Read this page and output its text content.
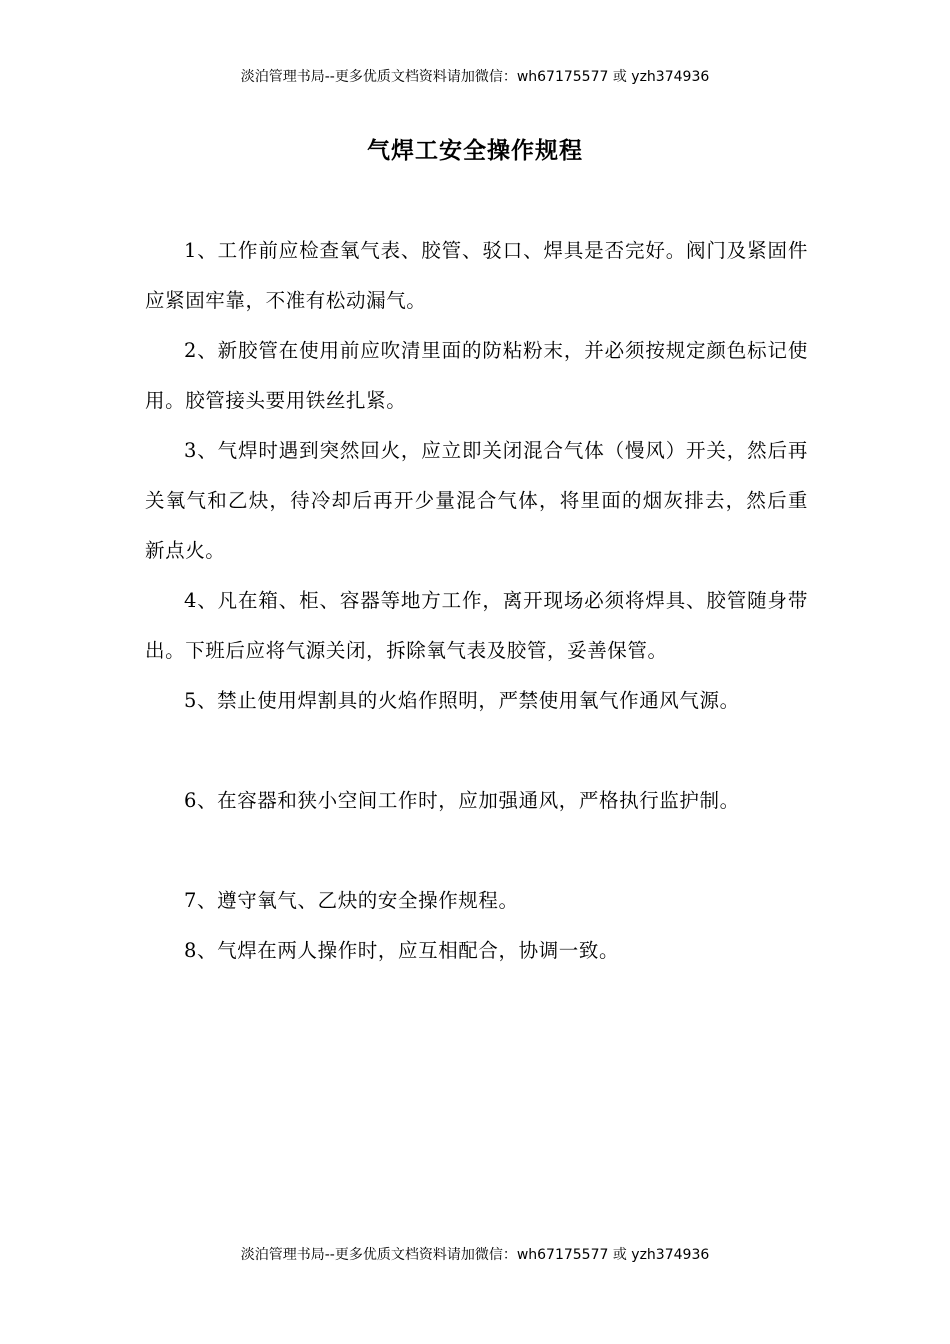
淡泊管理书局--更多优质文档资料请加微信：wh67175577 或 yzh374936
气焊工安全操作规程

1、工作前应检查氧气表、胶管、驳口、焊具是否完好。阀门及紧固件应紧固牢靠，不准有松动漏气。

2、新胶管在使用前应吹清里面的防粘粉末，并必须按规定颜色标记使用。胶管接头要用铁丝扎紧。

3、气焊时遇到突然回火，应立即关闭混合气体（慢风）开关，然后再关氧气和乙炔，待冷却后再开少量混合气体，将里面的烟灰排去，然后重新点火。

4、凡在箱、柜、容器等地方工作，离开现场必须将焊具、胶管随身带出。下班后应将气源关闭，拆除氧气表及胶管，妥善保管。

5、禁止使用焊割具的火焰作照明，严禁使用氧气作通风气源。

6、在容器和狭小空间工作时，应加强通风，严格执行监护制。

7、遵守氧气、乙炔的安全操作规程。

8、气焊在两人操作时，应互相配合，协调一致。

淡泊管理书局--更多优质文档资料请加微信：wh67175577 或 yzh374936
